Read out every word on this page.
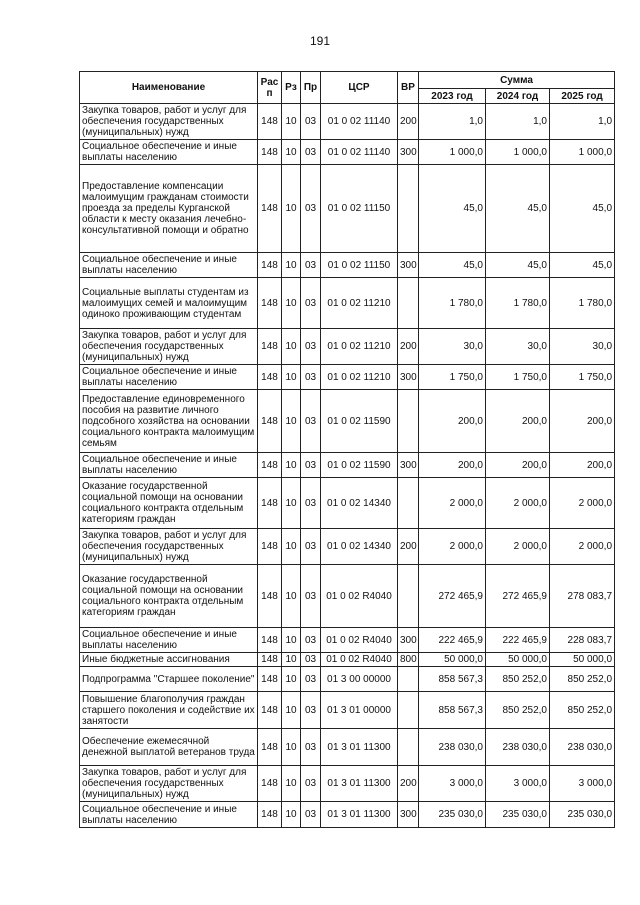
191
Наименование	Рас п	Рз	Пр	ЦСР	ВР	Сумма		
						2023 год	2024 год	2025 год
Закупка товаров, работ и услуг для обеспечения государственных (муниципальных) нужд	148	10	03	01 0 02 11140	200	1,0	1,0	1,0
Социальное обеспечение и иные выплаты населению	148	10	03	01 0 02 11140	300	1 000,0	1 000,0	1 000,0
Предоставление компенсации малоимущим гражданам стоимости проезда за пределы Курганской области к месту оказания лечебно-консультативной помощи и обратно	148	10	03	01 0 02 11150		45,0	45,0	45,0
Социальное обеспечение и иные выплаты населению	148	10	03	01 0 02 11150	300	45,0	45,0	45,0
Социальные выплаты студентам из малоимущих семей и малоимущим одиноко проживающим студентам	148	10	03	01 0 02 11210		1 780,0	1 780,0	1 780,0
Закупка товаров, работ и услуг для обеспечения государственных (муниципальных) нужд	148	10	03	01 0 02 11210	200	30,0	30,0	30,0
Социальное обеспечение и иные выплаты населению	148	10	03	01 0 02 11210	300	1 750,0	1 750,0	1 750,0
Предоставление единовременного пособия на развитие личного подсобного хозяйства на основании социального контракта малоимущим семьям	148	10	03	01 0 02 11590		200,0	200,0	200,0
Социальное обеспечение и иные выплаты населению	148	10	03	01 0 02 11590	300	200,0	200,0	200,0
Оказание государственной социальной помощи на основании социального контракта отдельным категориям граждан	148	10	03	01 0 02 14340		2 000,0	2 000,0	2 000,0
Закупка товаров, работ и услуг для обеспечения государственных (муниципальных) нужд	148	10	03	01 0 02 14340	200	2 000,0	2 000,0	2 000,0
Оказание государственной социальной помощи на основании социального контракта отдельным категориям граждан	148	10	03	01 0 02 R4040		272 465,9	272 465,9	278 083,7
Социальное обеспечение и иные выплаты населению	148	10	03	01 0 02 R4040	300	222 465,9	222 465,9	228 083,7
Иные бюджетные ассигнования	148	10	03	01 0 02 R4040	800	50 000,0	50 000,0	50 000,0
Подпрограмма "Старшее поколение"	148	10	03	01 3 00 00000		858 567,3	850 252,0	850 252,0
Повышение благополучия граждан старшего поколения и содействие их занятости	148	10	03	01 3 01 00000		858 567,3	850 252,0	850 252,0
Обеспечение ежемесячной денежной выплатой ветеранов труда	148	10	03	01 3 01 11300		238 030,0	238 030,0	238 030,0
Закупка товаров, работ и услуг для обеспечения государственных (муниципальных) нужд	148	10	03	01 3 01 11300	200	3 000,0	3 000,0	3 000,0
Социальное обеспечение и иные выплаты населению	148	10	03	01 3 01 11300	300	235 030,0	235 030,0	235 030,0
